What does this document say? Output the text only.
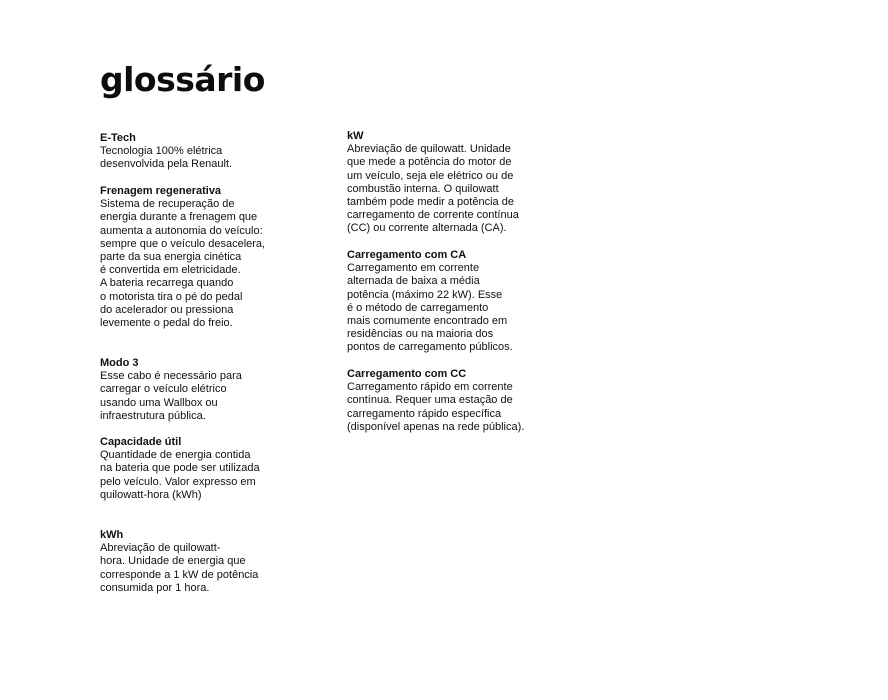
glossário
E-Tech
Tecnologia 100% elétrica
desenvolvida pela Renault.
Frenagem regenerativa
Sistema de recuperação de
energia durante a frenagem que
aumenta a autonomia do veículo:
sempre que o veículo desacelera,
parte da sua energia cinética
é convertida em eletricidade.
A bateria recarrega quando
o motorista tira o pé do pedal
do acelerador ou pressiona
levemente o pedal do freio.
Modo 3
Esse cabo é necessário para
carregar o veículo elétrico
usando uma Wallbox ou
infraestrutura pública.
Capacidade útil
Quantidade de energia contida
na bateria que pode ser utilizada
pelo veículo. Valor expresso em
quilowatt-hora (kWh)
kWh
Abreviação de quilowatt-
hora. Unidade de energia que
corresponde a 1 kW de potência
consumida por 1 hora.
kW
Abreviação de quilowatt. Unidade
que mede a potência do motor de
um veículo, seja ele elétrico ou de
combustão interna. O quilowatt
também pode medir a potência de
carregamento de corrente contínua
(CC) ou corrente alternada (CA).
Carregamento com CA
Carregamento em corrente
alternada de baixa a média
potência (máximo 22 kW). Esse
é o método de carregamento
mais comumente encontrado em
residências ou na maioria dos
pontos de carregamento públicos.
Carregamento com CC
Carregamento rápido em corrente
contínua. Requer uma estação de
carregamento rápido específica
(disponível apenas na rede pública).
